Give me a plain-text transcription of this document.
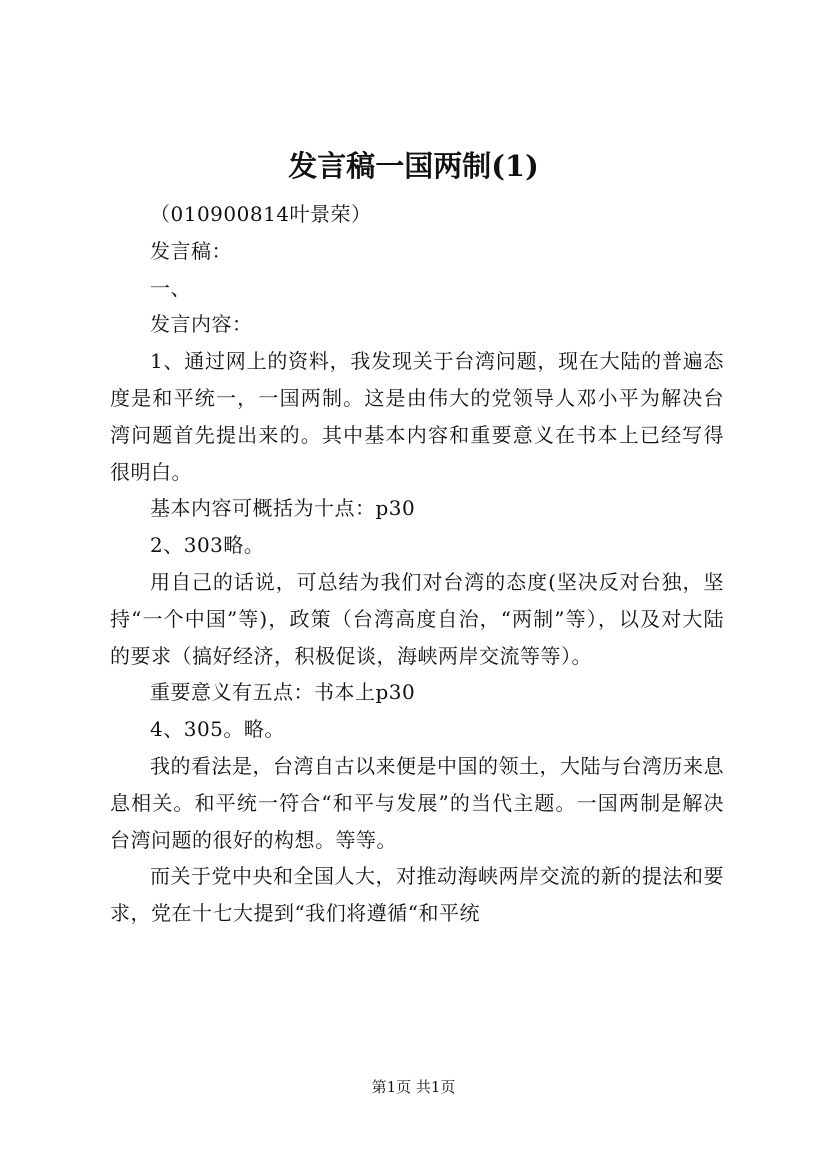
发言稿一国两制(1)

（010900814叶景荣）

发言稿：

一、

发言内容：

1、通过网上的资料，我发现关于台湾问题，现在大陆的普遍态度是和平统一，一国两制。这是由伟大的党领导人邓小平为解决台湾问题首先提出来的。其中基本内容和重要意义在书本上已经写得很明白。

基本内容可概括为十点：p30

2、303略。

用自己的话说，可总结为我们对台湾的态度(坚决反对台独，坚持“一个中国”等)，政策（台湾高度自治，“两制”等），以及对大陆的要求（搞好经济，积极促谈，海峡两岸交流等等）。

重要意义有五点：书本上p30

4、305。略。

我的看法是，台湾自古以来便是中国的领土，大陆与台湾历来息息相关。和平统一符合“和平与发展”的当代主题。一国两制是解决台湾问题的很好的构想。等等。

而关于党中央和全国人大，对推动海峡两岸交流的新的提法和要求，党在十七大提到“我们将遵循“和平统

第1页 共1页
